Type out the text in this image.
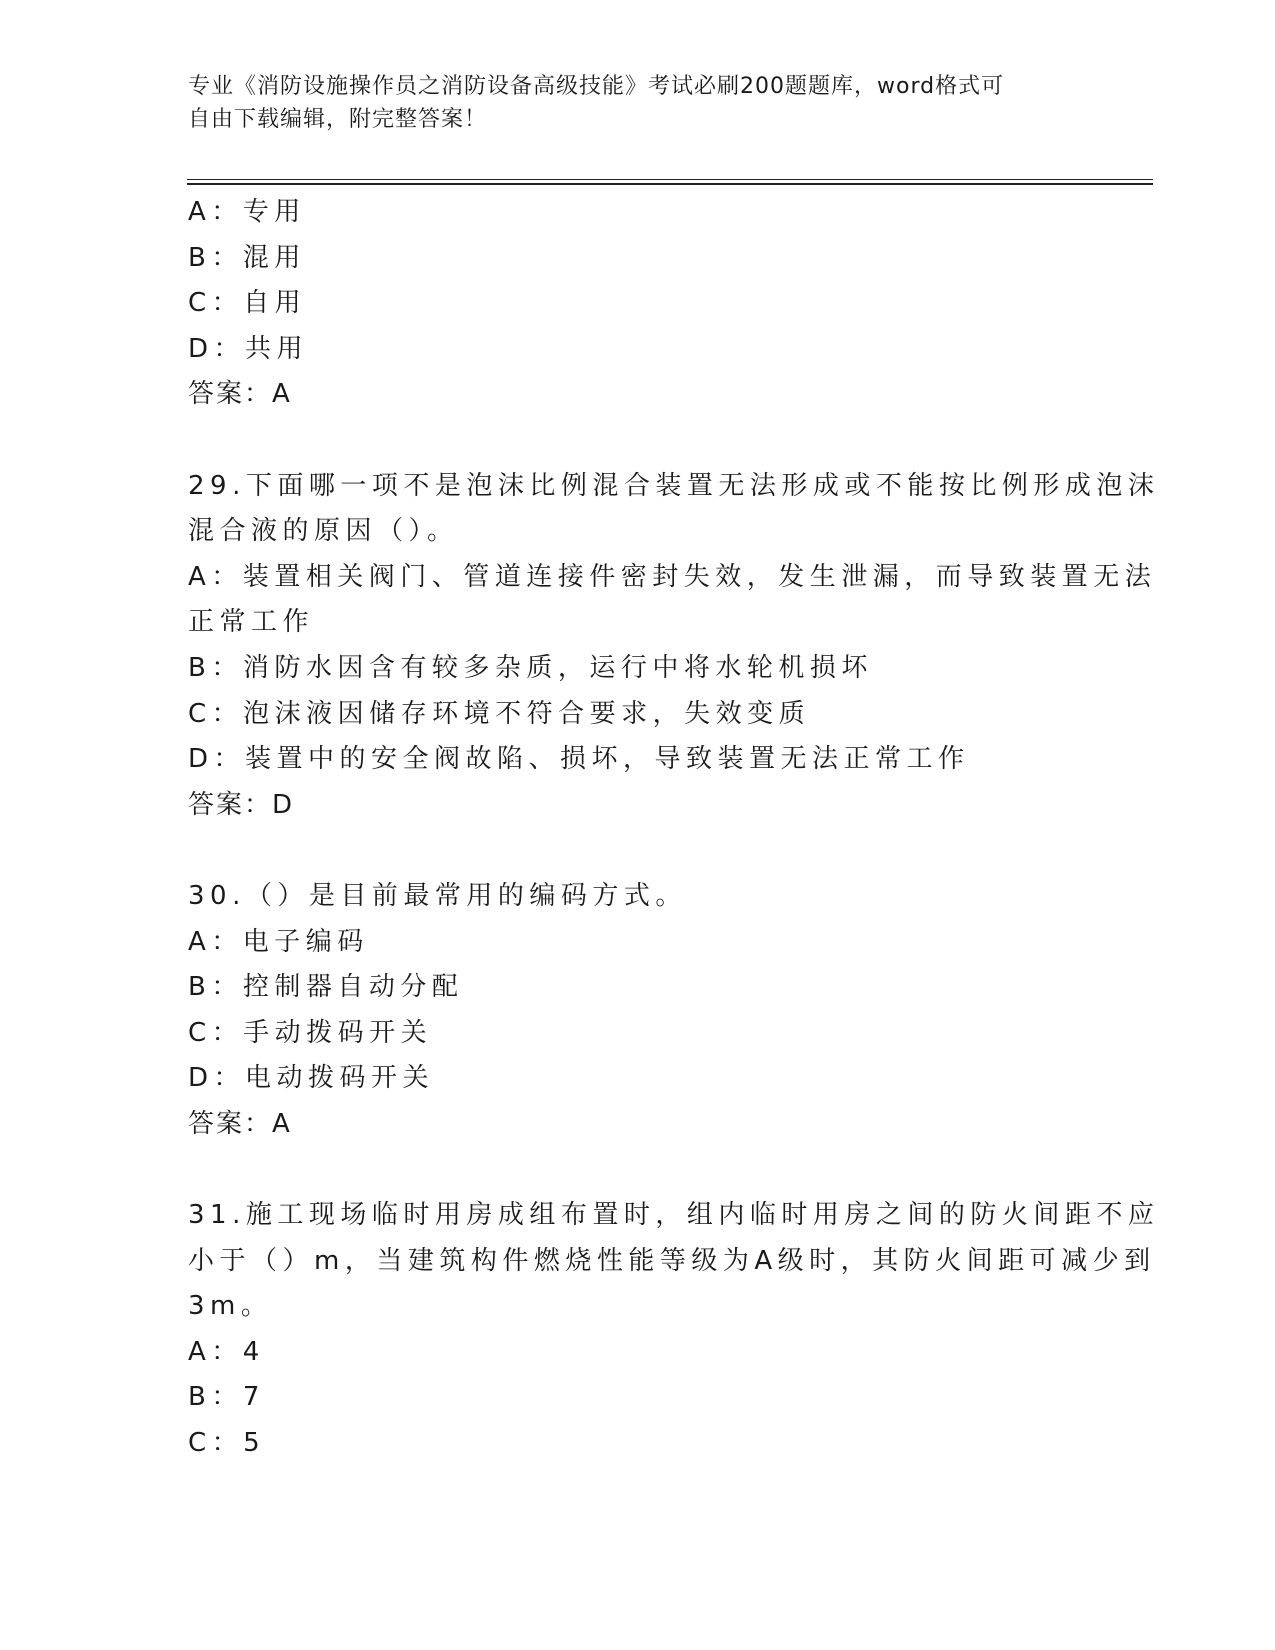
专业《消防设施操作员之消防设备高级技能》考试必刷200题题库，word格式可
自由下载编辑，附完整答案！
A：专用
B：混用
C：自用
D：共用
答案：A
29.下面哪一项不是泡沫比例混合装置无法形成或不能按比例形成泡沫
混合液的原因（）。
A：装置相关阀门、管道连接件密封失效，发生泄漏，而导致装置无法
正常工作
B：消防水因含有较多杂质，运行中将水轮机损坏
C：泡沫液因储存环境不符合要求，失效变质
D：装置中的安全阀故陷、损坏，导致装置无法正常工作
答案：D
30.（）是目前最常用的编码方式。
A：电子编码
B：控制器自动分配
C：手动拨码开关
D：电动拨码开关
答案：A
31.施工现场临时用房成组布置时，组内临时用房之间的防火间距不应
小于（）m，当建筑构件燃烧性能等级为A级时，其防火间距可减少到
3m。
A：4
B：7
C：5
